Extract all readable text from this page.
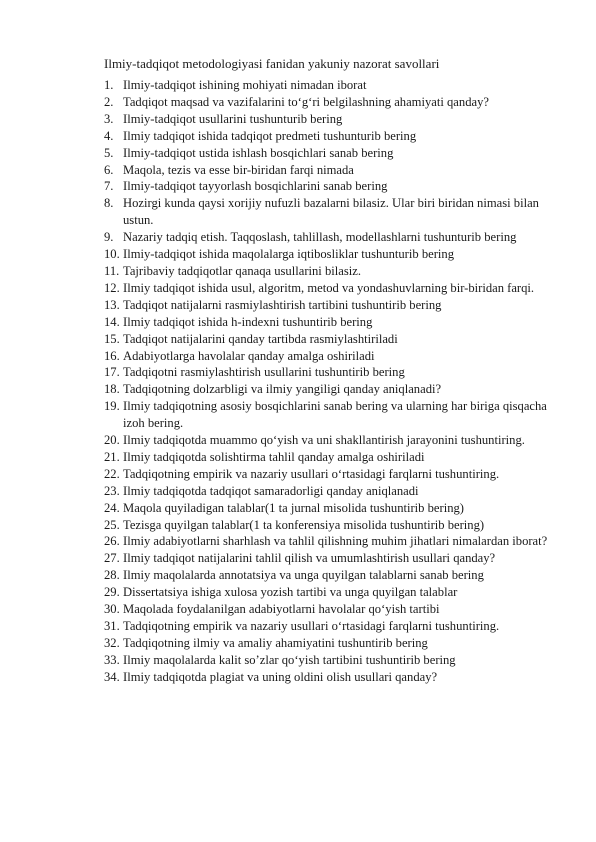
Ilmiy-tadqiqot metodologiyasi fanidan yakuniy nazorat savollari
1. Ilmiy-tadqiqot ishining mohiyati nimadan iborat
2. Tadqiqot maqsad va vazifalarini to‘g‘ri belgilashning ahamiyati qanday?
3. Ilmiy-tadqiqot usullarini tushunturib bering
4. Ilmiy tadqiqot ishida tadqiqot predmeti tushunturib bering
5. Ilmiy-tadqiqot ustida ishlash bosqichlari sanab bering
6. Maqola, tezis va esse bir-biridan farqi nimada
7. Ilmiy-tadqiqot tayyorlash bosqichlarini sanab bering
8. Hozirgi kunda qaysi xorijiy nufuzli bazalarni bilasiz. Ular biri biridan nimasi bilan ustun.
9. Nazariy tadqiq etish. Taqqoslash, tahlillash, modellashlarni tushunturib bering
10. Ilmiy-tadqiqot ishida maqolalarga iqtibosliklar tushunturib bering
11. Tajribaviy tadqiqotlar qanaqa usullarini bilasiz.
12. Ilmiy tadqiqot ishida usul, algoritm, metod va yondashuvlarning bir-biridan farqi.
13. Tadqiqot natijalarni rasmiylashtirish tartibini tushuntirib bering
14. Ilmiy tadqiqot ishida h-indexni tushuntirib bering
15. Tadqiqot natijalarini qanday tartibda rasmiylashtiriladi
16. Adabiyotlarga havolalar qanday amalga oshiriladi
17. Tadqiqotni rasmiylashtirish usullarini tushuntirib bering
18. Tadqiqotning dolzarbligi va ilmiy yangiligi qanday aniqlanadi?
19. Ilmiy tadqiqotning asosiy bosqichlarini sanab bering va ularning har biriga qisqacha izoh bering.
20. Ilmiy tadqiqotda muammo qo‘yish va uni shakllantirish jarayonini tushuntiring.
21. Ilmiy tadqiqotda solishtirma tahlil qanday amalga oshiriladi
22. Tadqiqotning empirik va nazariy usullari o‘rtasidagi farqlarni tushuntiring.
23. Ilmiy tadqiqotda tadqiqot samaradorligi qanday aniqlanadi
24. Maqola quyiladigan talablar(1 ta jurnal misolida tushuntirib bering)
25. Tezisga quyilgan talablar(1 ta konferensiya misolida tushuntirib bering)
26. Ilmiy adabiyotlarni sharhlash va tahlil qilishning muhim jihatlari nimalardan iborat?
27. Ilmiy tadqiqot natijalarini tahlil qilish va umumlashtirish usullari qanday?
28. Ilmiy maqolalarda annotatsiya va unga quyilgan talablarni sanab bering
29. Dissertatsiya ishiga xulosa yozish tartibi va unga quyilgan talablar
30. Maqolada foydalanilgan adabiyotlarni havolalar qo‘yish tartibi
31. Tadqiqotning empirik va nazariy usullari o‘rtasidagi farqlarni tushuntiring.
32. Tadqiqotning ilmiy va amaliy ahamiyatini tushuntirib bering
33. Ilmiy maqolalarda kalit so’zlar qo‘yish tartibini tushuntirib bering
34. Ilmiy tadqiqotda plagiat va uning oldini olish usullari qanday?
